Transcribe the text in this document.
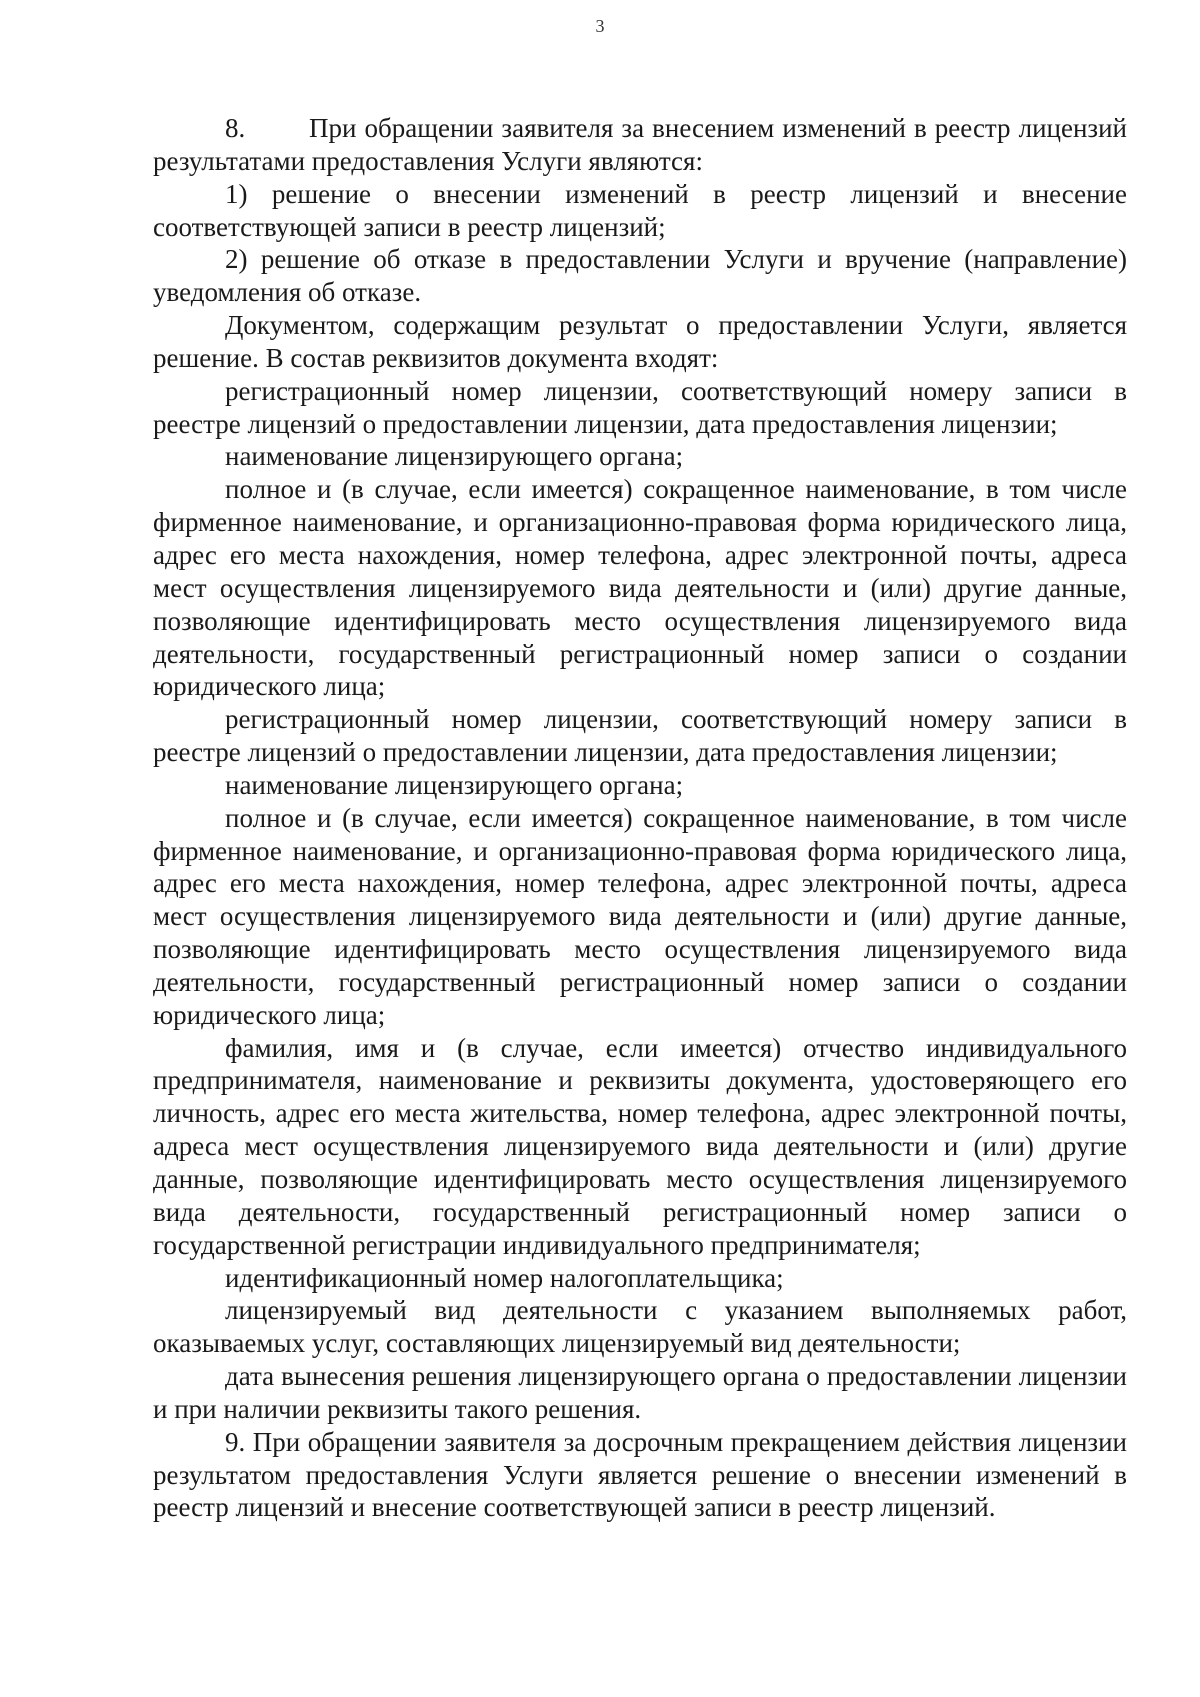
3

8. При обращении заявителя за внесением изменений в реестр лицензий результатами предоставления Услуги являются:

1) решение о внесении изменений в реестр лицензий и внесение соответствующей записи в реестр лицензий;

2) решение об отказе в предоставлении Услуги и вручение (направление) уведомления об отказе.

Документом, содержащим результат о предоставлении Услуги, является решение. В состав реквизитов документа входят:

регистрационный номер лицензии, соответствующий номеру записи в реестре лицензий о предоставлении лицензии, дата предоставления лицензии;

наименование лицензирующего органа;

полное и (в случае, если имеется) сокращенное наименование, в том числе фирменное наименование, и организационно-правовая форма юридического лица, адрес его места нахождения, номер телефона, адрес электронной почты, адреса мест осуществления лицензируемого вида деятельности и (или) другие данные, позволяющие идентифицировать место осуществления лицензируемого вида деятельности, государственный регистрационный номер записи о создании юридического лица;

регистрационный номер лицензии, соответствующий номеру записи в реестре лицензий о предоставлении лицензии, дата предоставления лицензии;

наименование лицензирующего органа;

полное и (в случае, если имеется) сокращенное наименование, в том числе фирменное наименование, и организационно-правовая форма юридического лица, адрес его места нахождения, номер телефона, адрес электронной почты, адреса мест осуществления лицензируемого вида деятельности и (или) другие данные, позволяющие идентифицировать место осуществления лицензируемого вида деятельности, государственный регистрационный номер записи о создании юридического лица;

фамилия, имя и (в случае, если имеется) отчество индивидуального предпринимателя, наименование и реквизиты документа, удостоверяющего его личность, адрес его места жительства, номер телефона, адрес электронной почты, адреса мест осуществления лицензируемого вида деятельности и (или) другие данные, позволяющие идентифицировать место осуществления лицензируемого вида деятельности, государственный регистрационный номер записи о государственной регистрации индивидуального предпринимателя;

идентификационный номер налогоплательщика;

лицензируемый вид деятельности с указанием выполняемых работ, оказываемых услуг, составляющих лицензируемый вид деятельности;

дата вынесения решения лицензирующего органа о предоставлении лицензии и при наличии реквизиты такого решения.

9. При обращении заявителя за досрочным прекращением действия лицензии результатом предоставления Услуги является решение о внесении изменений в реестр лицензий и внесение соответствующей записи в реестр лицензий.
